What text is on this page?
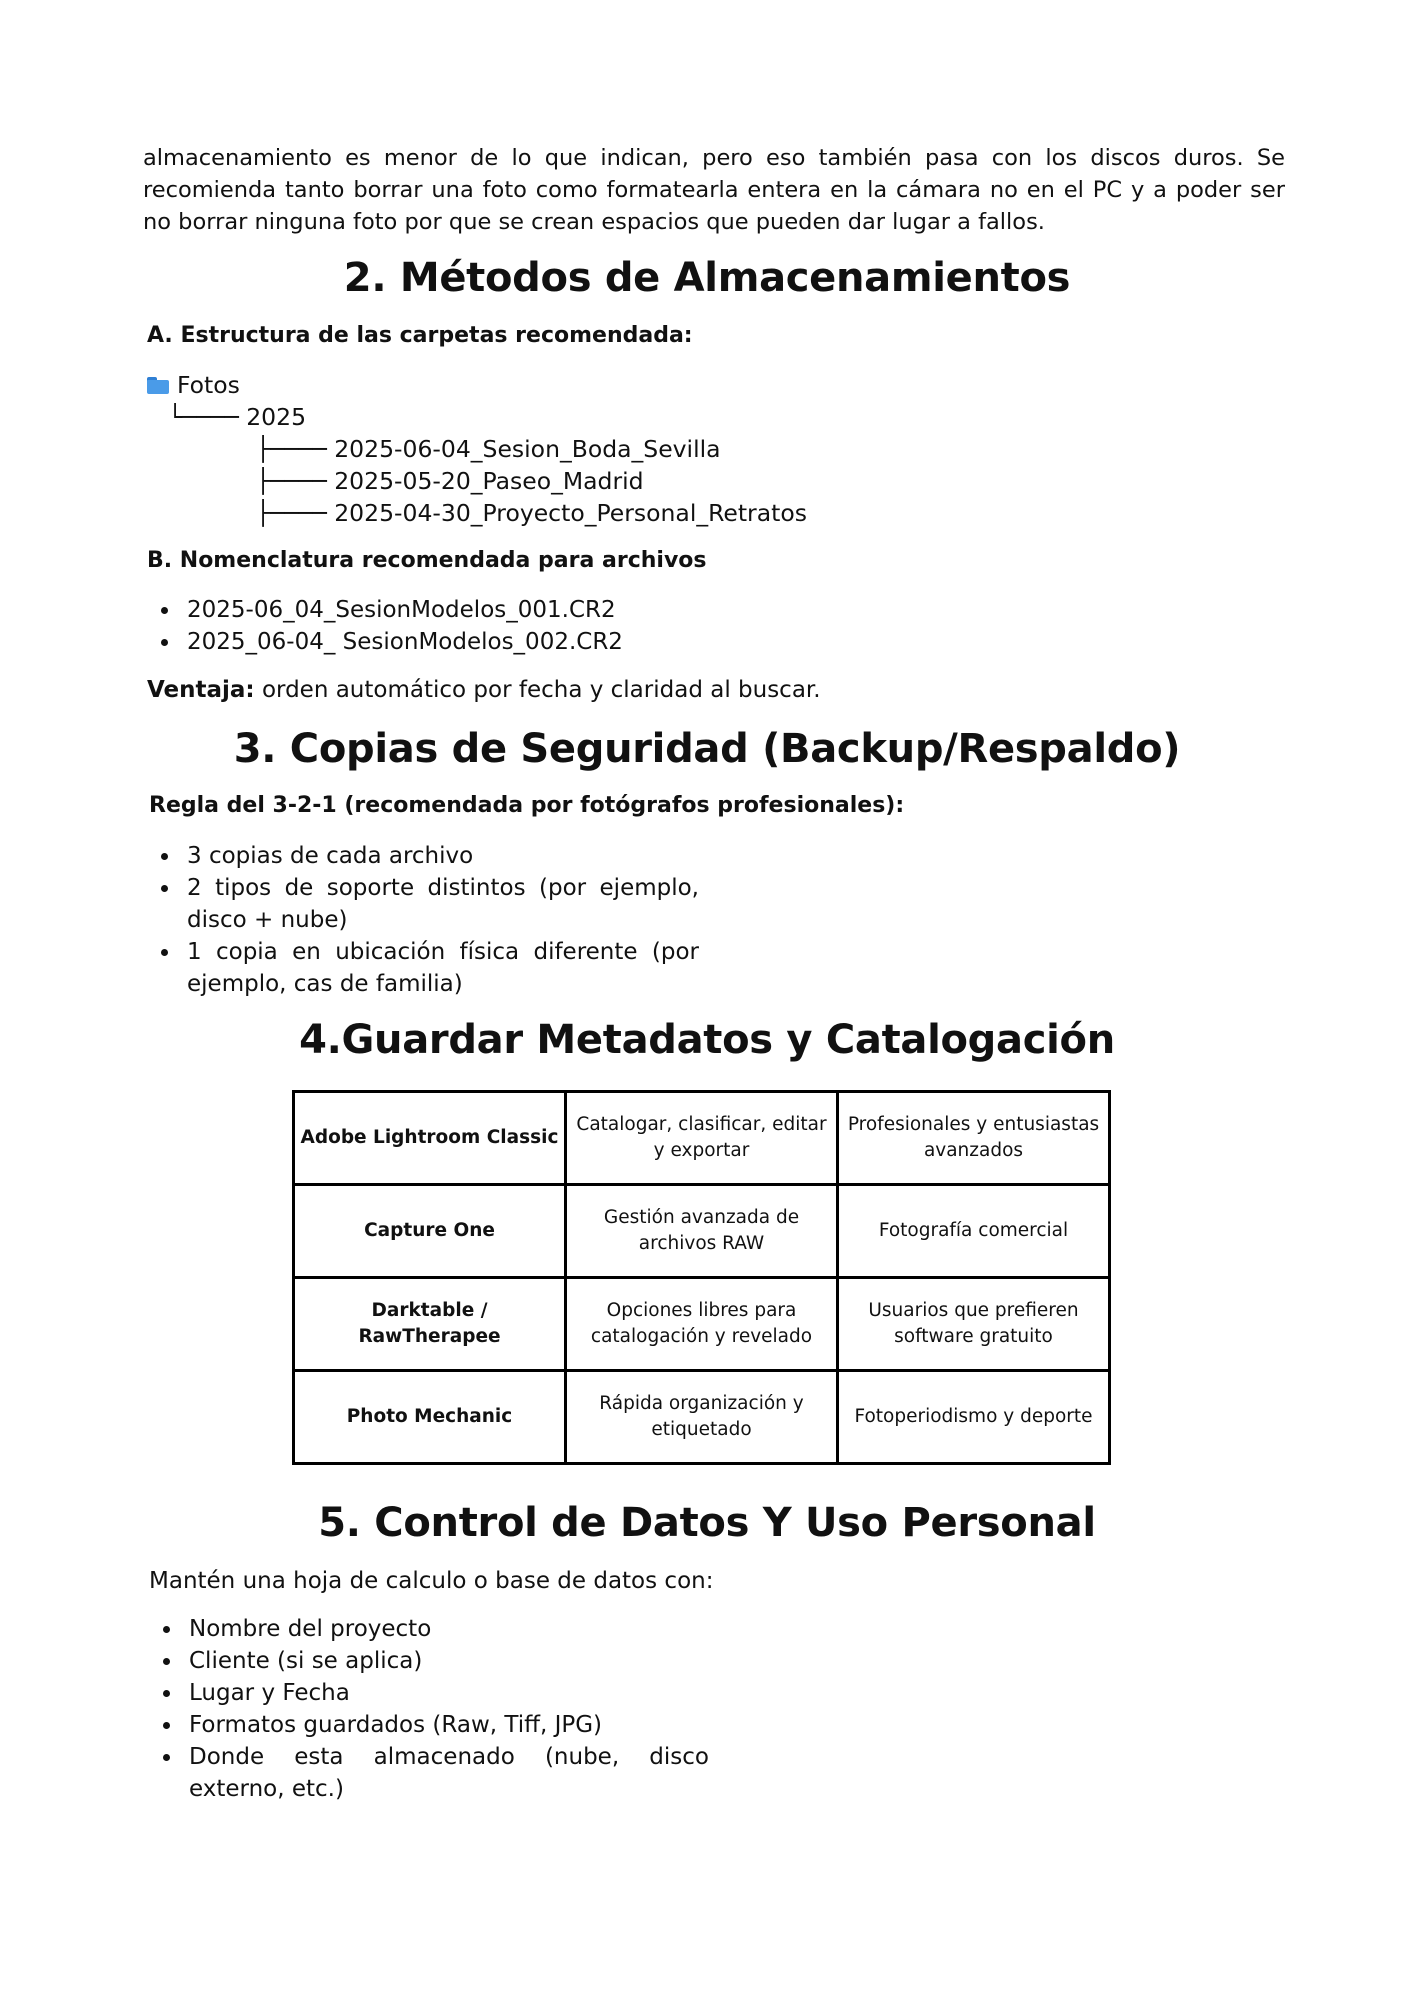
almacenamiento es menor de lo que indican, pero eso también pasa con los discos duros. Se recomienda tanto borrar una foto como formatearla entera en la cámara no en el PC y a poder ser no borrar ninguna foto por que se crean espacios que pueden dar lugar a fallos.

2. Métodos de Almacenamientos

A. Estructura de las carpetas recomendada:

Fotos

└──── 2025

├──── 2025-06-04_Sesion_Boda_Sevilla

├──── 2025-05-20_Paseo_Madrid

├──── 2025-04-30_Proyecto_Personal_Retratos

B. Nomenclatura recomendada para archivos

2025-06_04_SesionModelos_001.CR2
2025_06-04_ SesionModelos_002.CR2

Ventaja: orden automático por fecha y claridad al buscar.

3. Copias de Seguridad (Backup/Respaldo)

Regla del 3-2-1 (recomendada por fotógrafos profesionales):

3 copias de cada archivo
2 tipos de soporte distintos (por ejemplo, disco + nube)
1 copia en ubicación física diferente (por ejemplo, cas de familia)
4.Guardar Metadatos y Catalogación
Adobe Lightroom Classic	Catalogar, clasificar, editar y exportar	Profesionales y entusiastas avanzados
Capture One	Gestión avanzada de archivos RAW	Fotografía comercial
Darktable / RawTherapee	Opciones libres para catalogación y revelado	Usuarios que prefieren software gratuito
Photo Mechanic	Rápida organización y etiquetado	Fotoperiodismo y deporte
5. Control de Datos Y Uso Personal

Mantén una hoja de calculo o base de datos con:

Nombre del proyecto
Cliente (si se aplica)
Lugar y Fecha
Formatos guardados (Raw, Tiff, JPG)
Donde esta almacenado (nube, disco externo, etc.)
